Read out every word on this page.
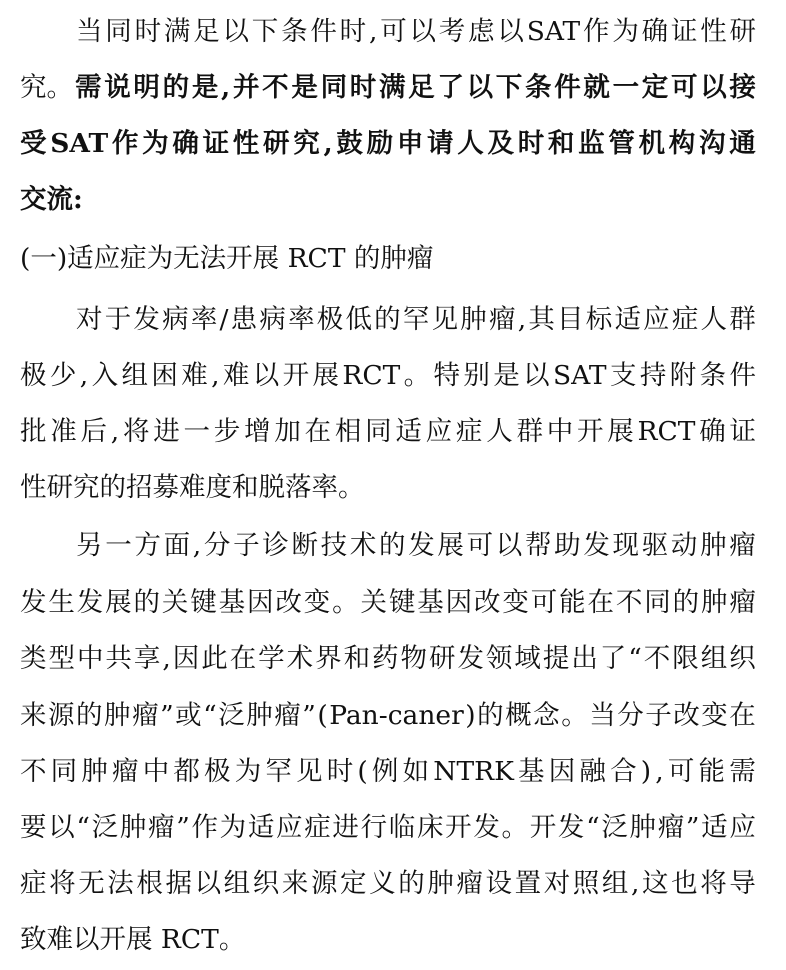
当 同 时 满 足 以 下 条 件 时 , 可 以 考 虑 以 SAT 作 为 确 证 性 研
究。 需 说 明 的 是 , 并 不 是 同 时 满 足 了 以 下 条 件 就 一 定 可 以 接
受 SAT 作 为 确 证 性 研 究 , 鼓 励 申 请 人 及 时 和 监 管 机 构 沟 通
交流:
(一)适应症为无法开展 RCT 的肿瘤
对 于 发 病 率 / 患 病 率 极 低 的 罕 见 肿 瘤 , 其 目 标 适 应 症 人 群
极 少 , 入 组 困 难 , 难 以 开 展 RCT 。 特 别 是 以 SAT 支 持 附 条 件
批 准 后 , 将 进 一 步 增 加 在 相 同 适 应 症 人 群 中 开 展 RCT 确 证
性研究的招募难度和脱落率。
另 一 方 面 , 分 子 诊 断 技 术 的 发 展 可 以 帮 助 发 现 驱 动 肿 瘤
发 生 发 展 的 关 键 基 因 改 变 。 关 键 基 因 改 变 可 能 在 不 同 的 肿 瘤
类 型 中 共 享 , 因 此 在 学 术 界 和 药 物 研 发 领 域 提 出 了 “ 不 限 组 织
来 源 的 肿 瘤 ” 或 “ 泛 肿 瘤 ” ( Pan-caner ) 的 概 念 。 当 分 子 改 变 在
不 同 肿 瘤 中 都 极 为 罕 见 时 ( 例 如 NTRK 基 因 融 合 ) , 可 能 需
要 以 “ 泛 肿 瘤 ” 作 为 适 应 症 进 行 临 床 开 发 。 开 发 “ 泛 肿 瘤 ” 适 应
症 将 无 法 根 据 以 组 织 来 源 定 义 的 肿 瘤 设 置 对 照 组 , 这 也 将 导
致难以开展 RCT。
